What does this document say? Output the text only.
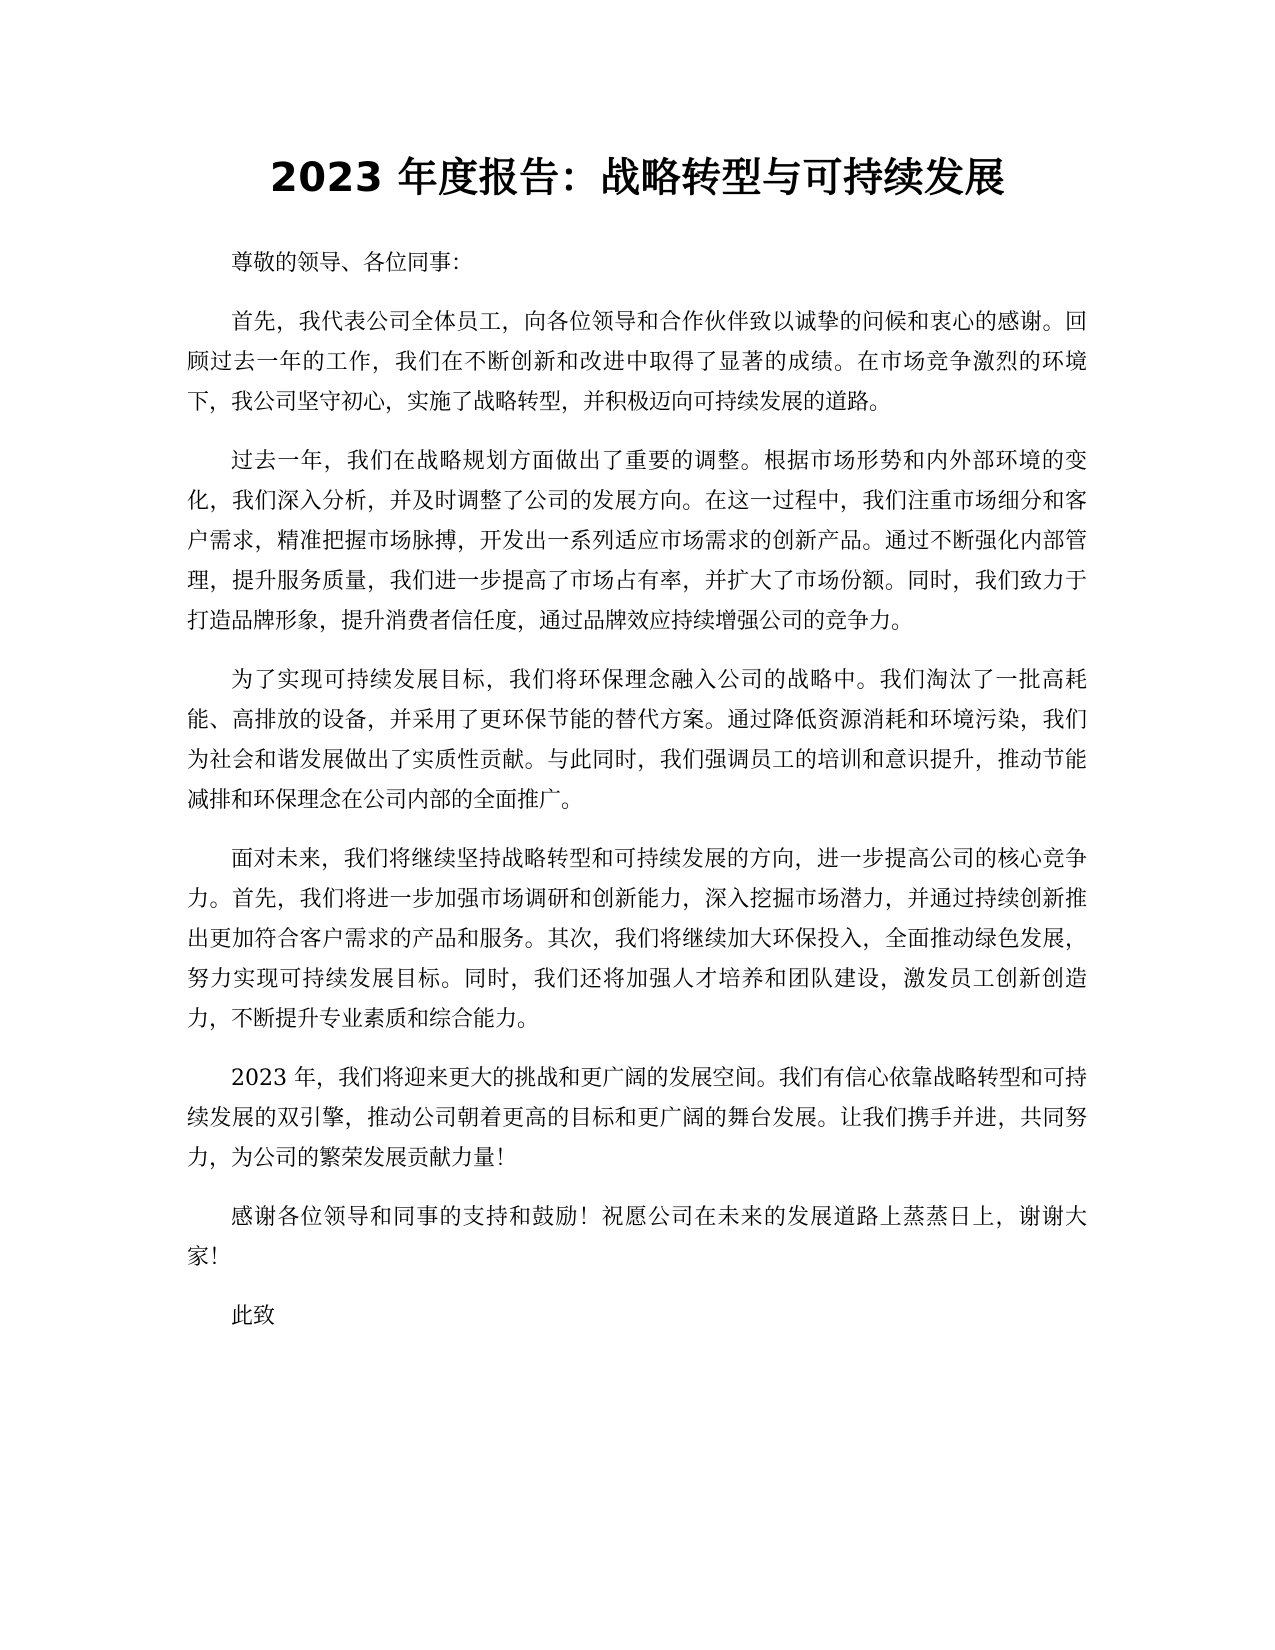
2023 年度报告：战略转型与可持续发展

尊敬的领导、各位同事：

首先，我代表公司全体员工，向各位领导和合作伙伴致以诚挚的问候和衷心的感谢。回顾过去一年的工作，我们在不断创新和改进中取得了显著的成绩。在市场竞争激烈的环境下，我公司坚守初心，实施了战略转型，并积极迈向可持续发展的道路。

过去一年，我们在战略规划方面做出了重要的调整。根据市场形势和内外部环境的变化，我们深入分析，并及时调整了公司的发展方向。在这一过程中，我们注重市场细分和客户需求，精准把握市场脉搏，开发出一系列适应市场需求的创新产品。通过不断强化内部管理，提升服务质量，我们进一步提高了市场占有率，并扩大了市场份额。同时，我们致力于打造品牌形象，提升消费者信任度，通过品牌效应持续增强公司的竞争力。

为了实现可持续发展目标，我们将环保理念融入公司的战略中。我们淘汰了一批高耗能、高排放的设备，并采用了更环保节能的替代方案。通过降低资源消耗和环境污染，我们为社会和谐发展做出了实质性贡献。与此同时，我们强调员工的培训和意识提升，推动节能减排和环保理念在公司内部的全面推广。

面对未来，我们将继续坚持战略转型和可持续发展的方向，进一步提高公司的核心竞争力。首先，我们将进一步加强市场调研和创新能力，深入挖掘市场潜力，并通过持续创新推出更加符合客户需求的产品和服务。其次，我们将继续加大环保投入，全面推动绿色发展，努力实现可持续发展目标。同时，我们还将加强人才培养和团队建设，激发员工创新创造力，不断提升专业素质和综合能力。

2023 年，我们将迎来更大的挑战和更广阔的发展空间。我们有信心依靠战略转型和可持续发展的双引擎，推动公司朝着更高的目标和更广阔的舞台发展。让我们携手并进，共同努力，为公司的繁荣发展贡献力量！

感谢各位领导和同事的支持和鼓励！祝愿公司在未来的发展道路上蒸蒸日上，谢谢大家！

此致
